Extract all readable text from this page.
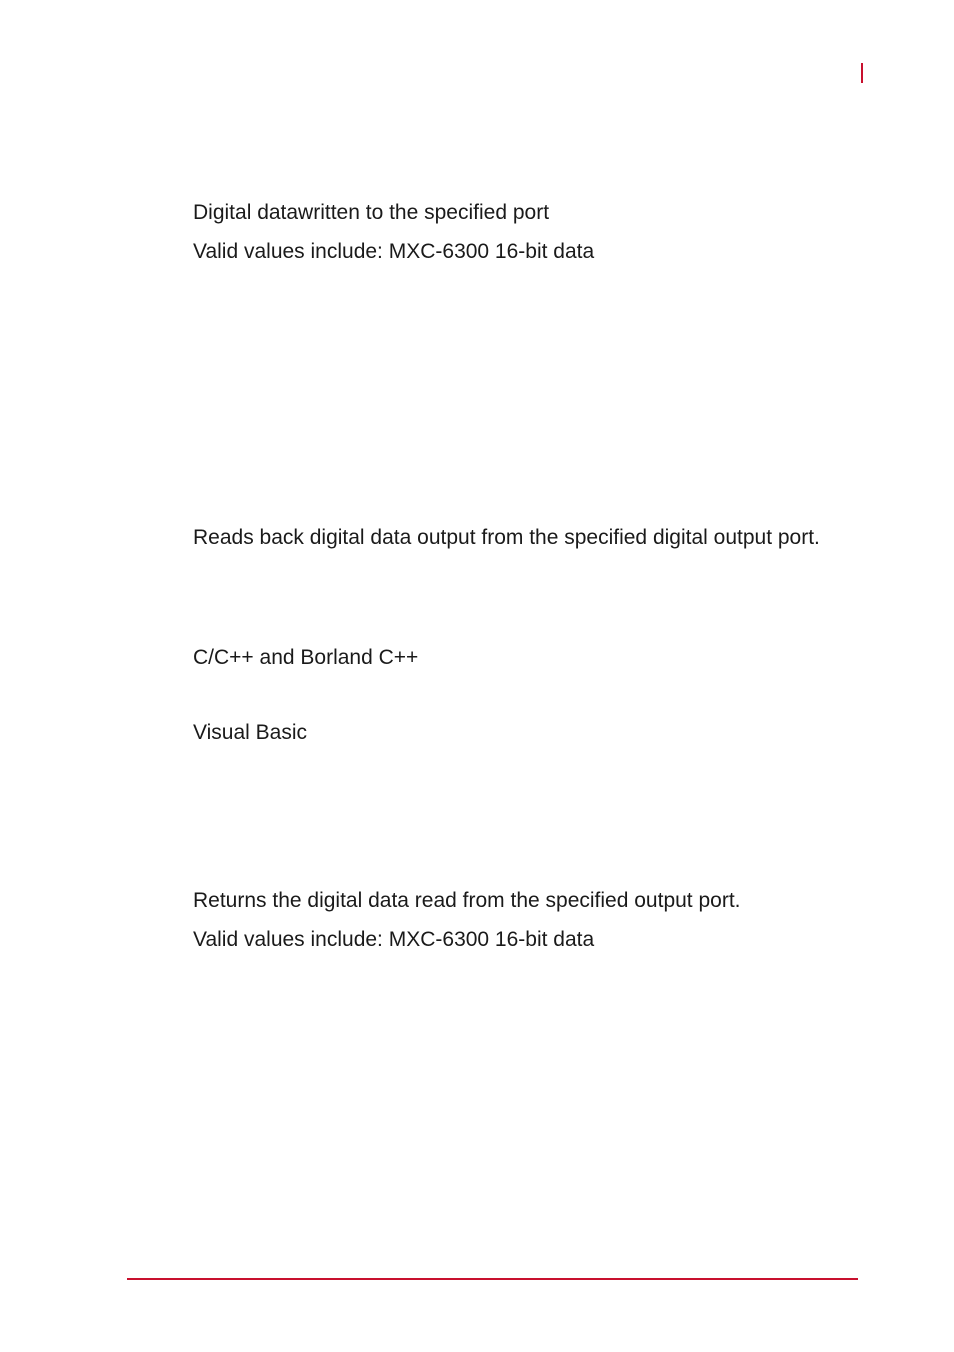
Digital datawritten to the specified port

Valid values include: MXC-6300 16-bit data

Reads back digital data output from the specified digital output port.

C/C++ and Borland C++

Visual Basic

Returns the digital data read from the specified output port.

Valid values include: MXC-6300 16-bit data
